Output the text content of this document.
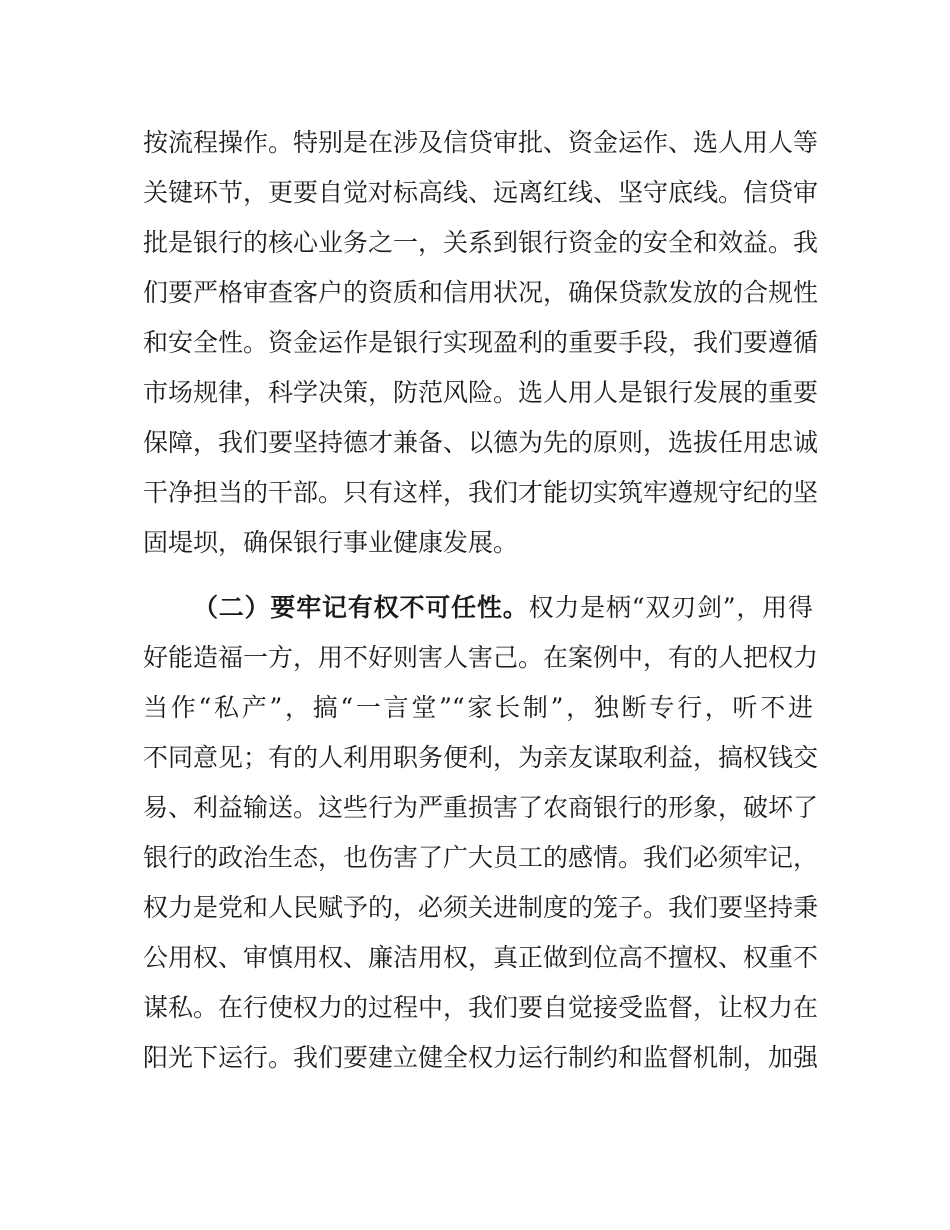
按流程操作。特别是在涉及信贷审批、资金运作、选人用人等
关键环节，更要自觉对标高线、远离红线、坚守底线。信贷审
批是银行的核心业务之一，关系到银行资金的安全和效益。我
们要严格审查客户的资质和信用状况，确保贷款发放的合规性
和安全性。资金运作是银行实现盈利的重要手段，我们要遵循
市场规律，科学决策，防范风险。选人用人是银行发展的重要
保障，我们要坚持德才兼备、以德为先的原则，选拔任用忠诚
干净担当的干部。只有这样，我们才能切实筑牢遵规守纪的坚
固堤坝，确保银行事业健康发展。
（二）要牢记有权不可任性。权力是柄“双刃剑”，用得
好能造福一方，用不好则害人害己。在案例中，有的人把权力
当作“私产”，搞“一言堂”“家长制”，独断专行，听不进
不同意见；有的人利用职务便利，为亲友谋取利益，搞权钱交
易、利益输送。这些行为严重损害了农商银行的形象，破坏了
银行的政治生态，也伤害了广大员工的感情。我们必须牢记，
权力是党和人民赋予的，必须关进制度的笼子。我们要坚持秉
公用权、审慎用权、廉洁用权，真正做到位高不擅权、权重不
谋私。在行使权力的过程中，我们要自觉接受监督，让权力在
阳光下运行。我们要建立健全权力运行制约和监督机制，加强
